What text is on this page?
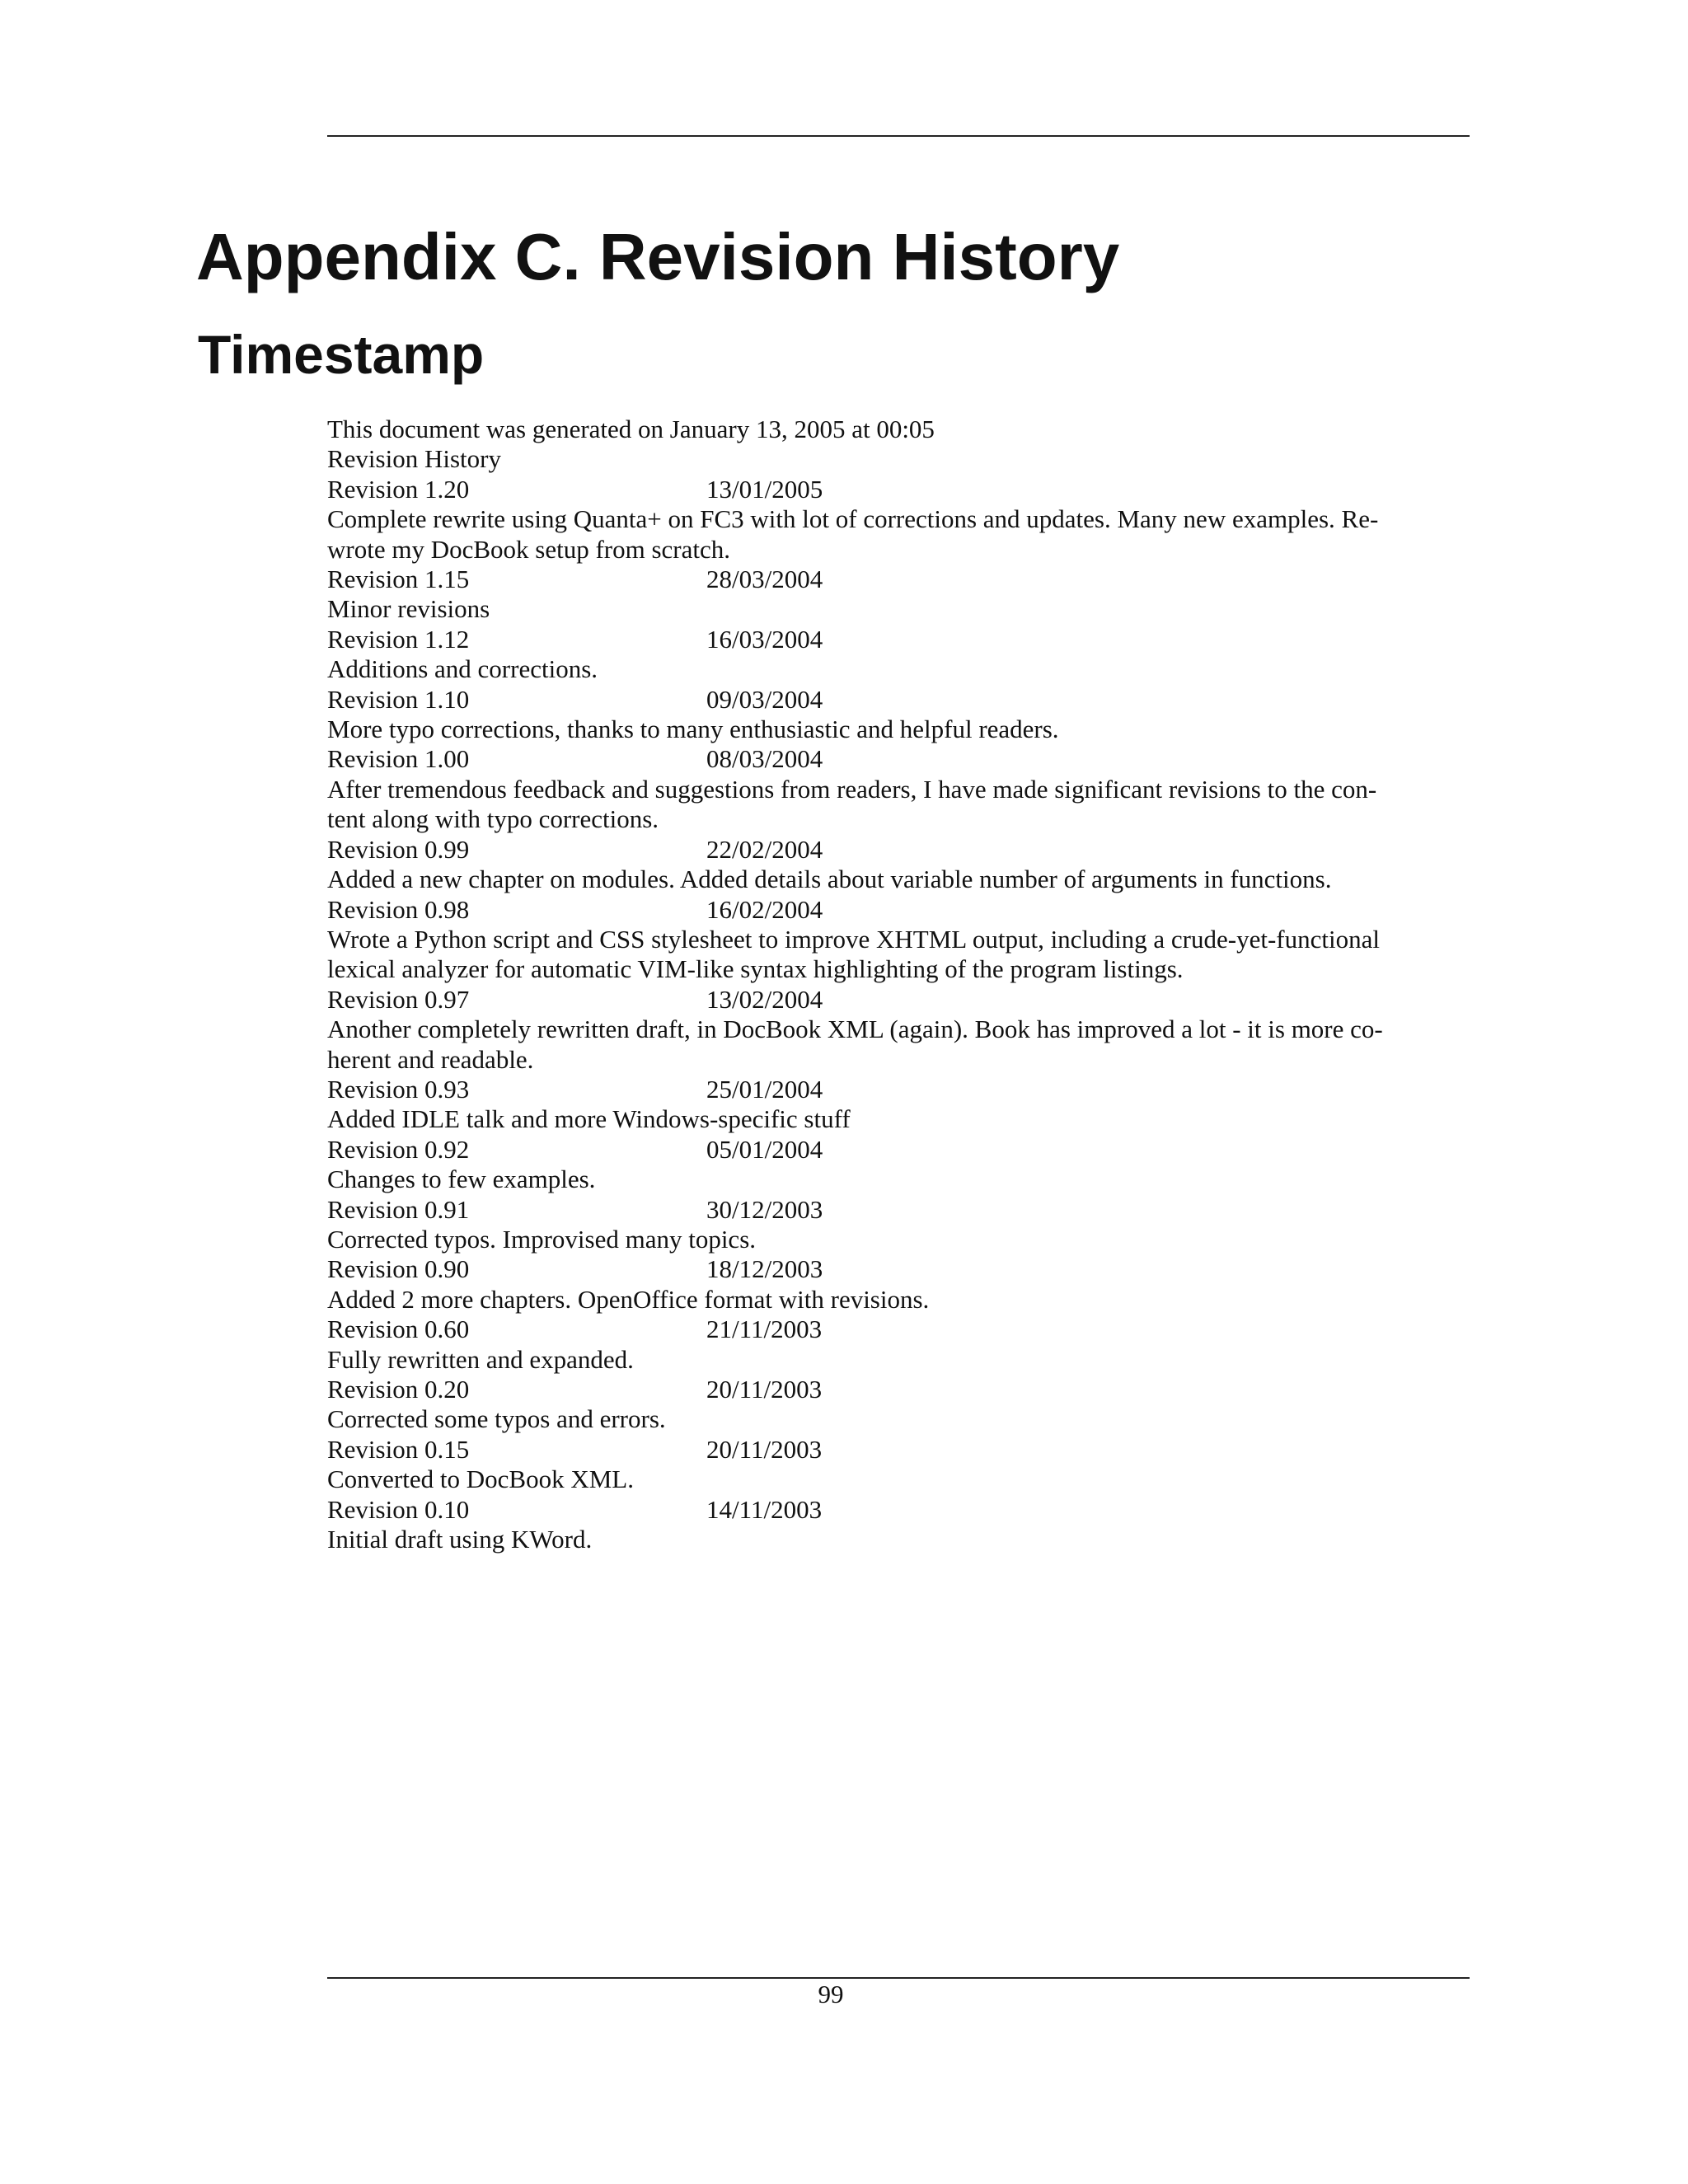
Appendix C. Revision History
Timestamp
This document was generated on January 13, 2005 at 00:05
Revision History
Revision 1.20	13/01/2005
Complete rewrite using Quanta+ on FC3 with lot of corrections and updates. Many new examples. Re-
wrote my DocBook setup from scratch.
Revision 1.15	28/03/2004
Minor revisions
Revision 1.12	16/03/2004
Additions and corrections.
Revision 1.10	09/03/2004
More typo corrections, thanks to many enthusiastic and helpful readers.
Revision 1.00	08/03/2004
After tremendous feedback and suggestions from readers, I have made significant revisions to the con-
tent along with typo corrections.
Revision 0.99	22/02/2004
Added a new chapter on modules. Added details about variable number of arguments in functions.
Revision 0.98	16/02/2004
Wrote a Python script and CSS stylesheet to improve XHTML output, including a crude-yet-functional
lexical analyzer for automatic VIM-like syntax highlighting of the program listings.
Revision 0.97	13/02/2004
Another completely rewritten draft, in DocBook XML (again). Book has improved a lot - it is more co-
herent and readable.
Revision 0.93	25/01/2004
Added IDLE talk and more Windows-specific stuff
Revision 0.92	05/01/2004
Changes to few examples.
Revision 0.91	30/12/2003
Corrected typos. Improvised many topics.
Revision 0.90	18/12/2003
Added 2 more chapters. OpenOffice format with revisions.
Revision 0.60	21/11/2003
Fully rewritten and expanded.
Revision 0.20	20/11/2003
Corrected some typos and errors.
Revision 0.15	20/11/2003
Converted to DocBook XML.
Revision 0.10	14/11/2003
Initial draft using KWord.
99
